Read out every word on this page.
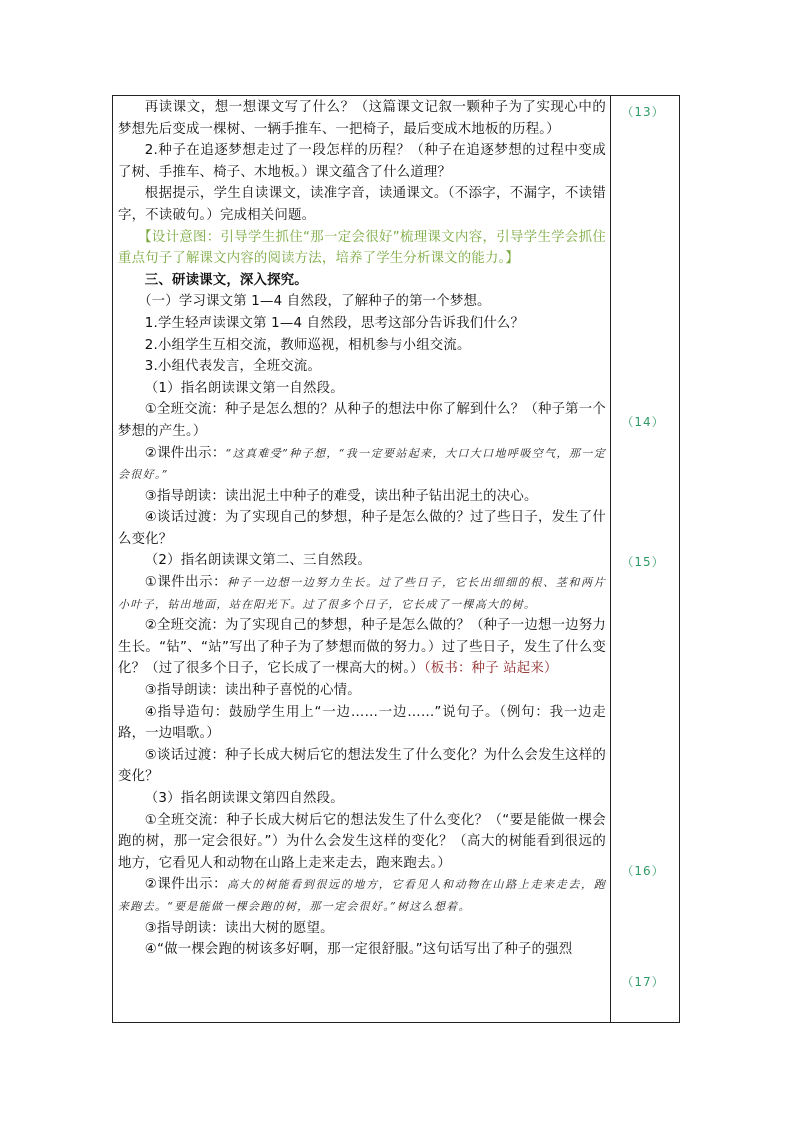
（13）
（14）
（15）
（16）
（17）

再读课文，想一想课文写了什么？（这篇课文记叙一颗种子为了实现心中的梦想先后变成一棵树、一辆手推车、一把椅子，最后变成木地板的历程。）

2.种子在追逐梦想走过了一段怎样的历程？（种子在追逐梦想的过程中变成了树、手推车、椅子、木地板。）课文蕴含了什么道理？

根据提示，学生自读课文，读准字音，读通课文。（不添字，不漏字，不读错字，不读破句。）完成相关问题。

【设计意图：引导学生抓住“那一定会很好”梳理课文内容，引导学生学会抓住重点句子了解课文内容的阅读方法，培养了学生分析课文的能力。】

三、研读课文，深入探究。

（一）学习课文第 1—4 自然段，了解种子的第一个梦想。

1.学生轻声读课文第 1—4 自然段，思考这部分告诉我们什么？

2.小组学生互相交流，教师巡视，相机参与小组交流。

3.小组代表发言，全班交流。

（1）指名朗读课文第一自然段。

①全班交流：种子是怎么想的？从种子的想法中你了解到什么？（种子第一个梦想的产生。）

②课件出示：“这真难受”种子想，“我一定要站起来，大口大口地呼吸空气，那一定会很好。”

③指导朗读：读出泥土中种子的难受，读出种子钻出泥土的决心。

④谈话过渡：为了实现自己的梦想，种子是怎么做的？过了些日子，发生了什么变化？

（2）指名朗读课文第二、三自然段。

①课件出示：种子一边想一边努力生长。过了些日子，它长出细细的根、茎和两片小叶子，钻出地面，站在阳光下。过了很多个日子，它长成了一棵高大的树。

②全班交流：为了实现自己的梦想，种子是怎么做的？（种子一边想一边努力生长。“钻”、“站”写出了种子为了梦想而做的努力。）过了些日子，发生了什么变化？（过了很多个日子，它长成了一棵高大的树。）（板书：种子 站起来）

③指导朗读：读出种子喜悦的心情。

④指导造句：鼓励学生用上“一边……一边……”说句子。（例句：我一边走路，一边唱歌。）

⑤谈话过渡：种子长成大树后它的想法发生了什么变化？为什么会发生这样的变化？

（3）指名朗读课文第四自然段。

①全班交流：种子长成大树后它的想法发生了什么变化？（“要是能做一棵会跑的树，那一定会很好。”）为什么会发生这样的变化？（高大的树能看到很远的地方，它看见人和动物在山路上走来走去，跑来跑去。）

②课件出示：高大的树能看到很远的地方，它看见人和动物在山路上走来走去，跑来跑去。“要是能做一棵会跑的树，那一定会很好。”树这么想着。

③指导朗读：读出大树的愿望。

④“做一棵会跑的树该多好啊，那一定很舒服。”这句话写出了种子的强烈
